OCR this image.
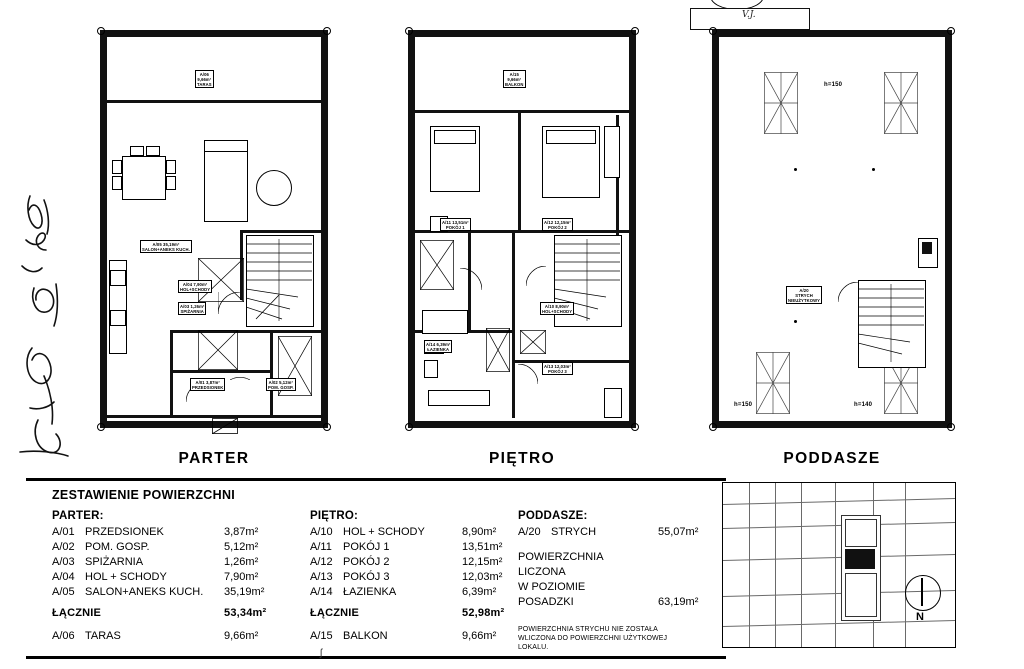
V.J.
A/06
9,66m²
TARAS
A/05 35,19m²
SALON+ANEKS KUCH.
A/04 7,90m²
HOL+SCHODY
A/03 1,26m²
SPIŻARNIA
A/01 3,87m²
PRZEDSIONEK
A/02 5,12m²
POM. GOSP.
PARTER
A/15
9,66m²
BALKON
A/11 13,51m²
POKÓJ 1
A/12 12,15m²
POKÓJ 2
A/10 8,90m²
HOL+SCHODY
A/14 6,39m²
ŁAZIENKA
A/13 12,03m²
POKÓJ 3
PIĘTRO
A/20
STRYCH
NIEUŻYTKOWY
h=150
h=150	h=140
PODDASZE
ZESTAWIENIE POWIERZCHNI
PARTER:
A/01 PRZEDSIONEK	3,87m²
A/02 POM. GOSP.	5,12m²
A/03 SPIŻARNIA	1,26m²
A/04 HOL + SCHODY	7,90m²
A/05 SALON+ANEKS KUCH. 35,19m²
ŁĄCZNIE	53,34m²
A/06 TARAS	9,66m²
PIĘTRO:
A/10 HOL + SCHODY	8,90m²
A/11 POKÓJ 1	13,51m²
A/12 POKÓJ 2	12,15m²
A/13 POKÓJ 3	12,03m²
A/14 ŁAZIENKA	6,39m²
ŁĄCZNIE	52,98m²
A/15 BALKON	9,66m²
PODDASZE:
A/20 STRYCH	55,07m²
POWIERZCHNIA
LICZONA
W POZIOMIE
POSADZKI	63,19m²
POWIERZCHNIA STRYCHU NIE ZOSTAŁA WLICZONA DO POWIERZCHNI UŻYTKOWEJ LOKALU.
N
ʃ
